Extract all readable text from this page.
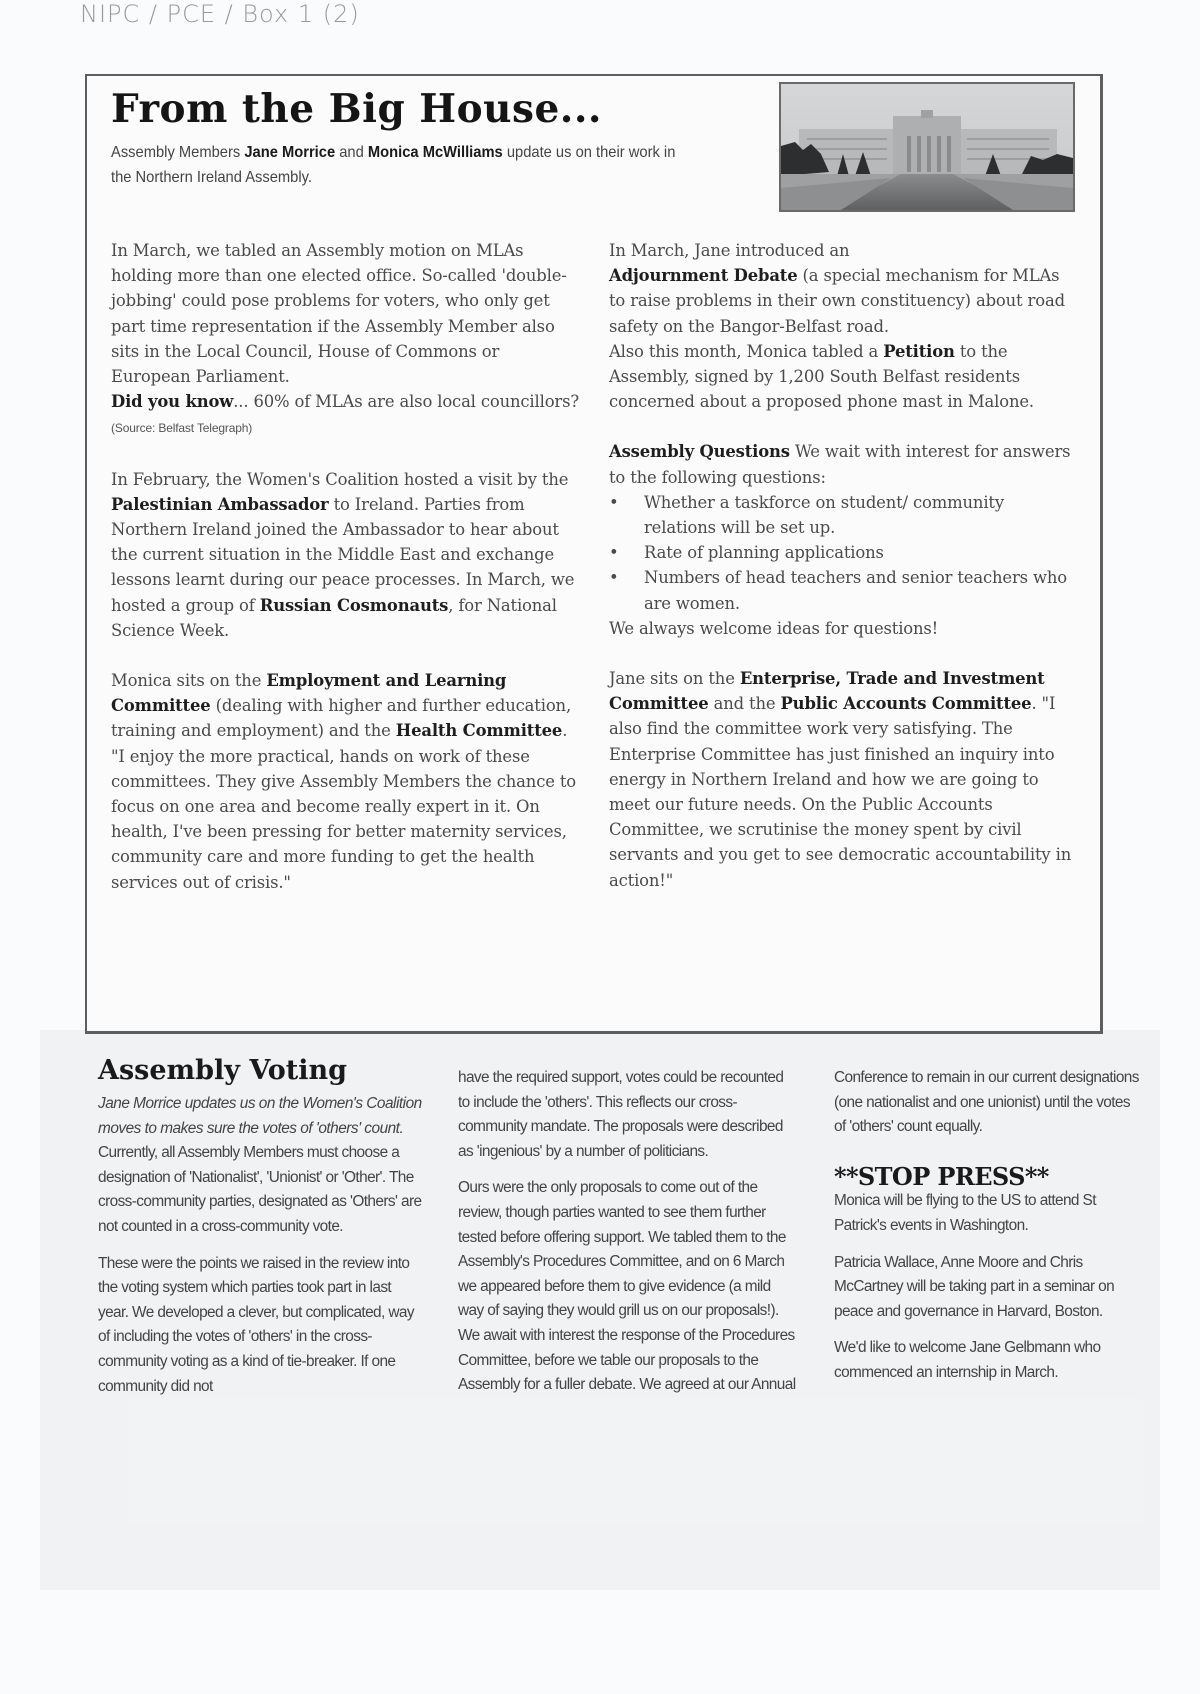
NIPC / PCE / Box 1 (2)
From the Big House...
Assembly Members Jane Morrice and Monica McWilliams update us on their work in the Northern Ireland Assembly.

In March, we tabled an Assembly motion on MLAs holding more than one elected office. So-called 'double-jobbing' could pose problems for voters, who only get part time representation if the Assembly Member also sits in the Local Council, House of Commons or European Parliament.
Did you know... 60% of MLAs are also local councillors? (Source: Belfast Telegraph)

In February, the Women's Coalition hosted a visit by the Palestinian Ambassador to Ireland. Parties from Northern Ireland joined the Ambassador to hear about the current situation in the Middle East and exchange lessons learnt during our peace processes. In March, we hosted a group of Russian Cosmonauts, for National Science Week.

Monica sits on the Employment and Learning Committee (dealing with higher and further education, training and employment) and the Health Committee.
"I enjoy the more practical, hands on work of these committees. They give Assembly Members the chance to focus on one area and become really expert in it. On health, I've been pressing for better maternity services, community care and more funding to get the health services out of crisis."

In March, Jane introduced an
Adjournment Debate (a special mechanism for MLAs to raise problems in their own constituency) about road safety on the Bangor-Belfast road.
Also this month, Monica tabled a Petition to the Assembly, signed by 1,200 South Belfast residents concerned about a proposed phone mast in Malone.

Assembly Questions We wait with interest for answers to the following questions:

• Whether a taskforce on student/ community relations will be set up.
• Rate of planning applications
• Numbers of head teachers and senior teachers who are women.

We always welcome ideas for questions!

Jane sits on the Enterprise, Trade and Investment Committee and the Public Accounts Committee. "I also find the committee work very satisfying. The Enterprise Committee has just finished an inquiry into energy in Northern Ireland and how we are going to meet our future needs. On the Public Accounts Committee, we scrutinise the money spent by civil servants and you get to see democratic accountability in action!"

Assembly Voting

Jane Morrice updates us on the Women's Coalition moves to makes sure the votes of 'others' count.

Currently, all Assembly Members must choose a designation of 'Nationalist', 'Unionist' or 'Other'. The cross-community parties, designated as 'Others' are not counted in a cross-community vote.

These were the points we raised in the review into the voting system which parties took part in last year. We developed a clever, but complicated, way of including the votes of 'others' in the cross-community voting as a kind of tie-breaker. If one community did not

have the required support, votes could be recounted to include the 'others'. This reflects our cross-community mandate. The proposals were described as 'ingenious' by a number of politicians.

Ours were the only proposals to come out of the review, though parties wanted to see them further tested before offering support. We tabled them to the Assembly's Procedures Committee, and on 6 March we appeared before them to give evidence (a mild way of saying they would grill us on our proposals!). We await with interest the response of the Procedures Committee, before we table our proposals to the Assembly for a fuller debate. We agreed at our Annual

Conference to remain in our current designations (one nationalist and one unionist) until the votes of 'others' count equally.

**STOP PRESS**

Monica will be flying to the US to attend St Patrick's events in Washington.

Patricia Wallace, Anne Moore and Chris McCartney will be taking part in a seminar on peace and governance in Harvard, Boston.

We'd like to welcome Jane Gelbmann who commenced an internship in March.
